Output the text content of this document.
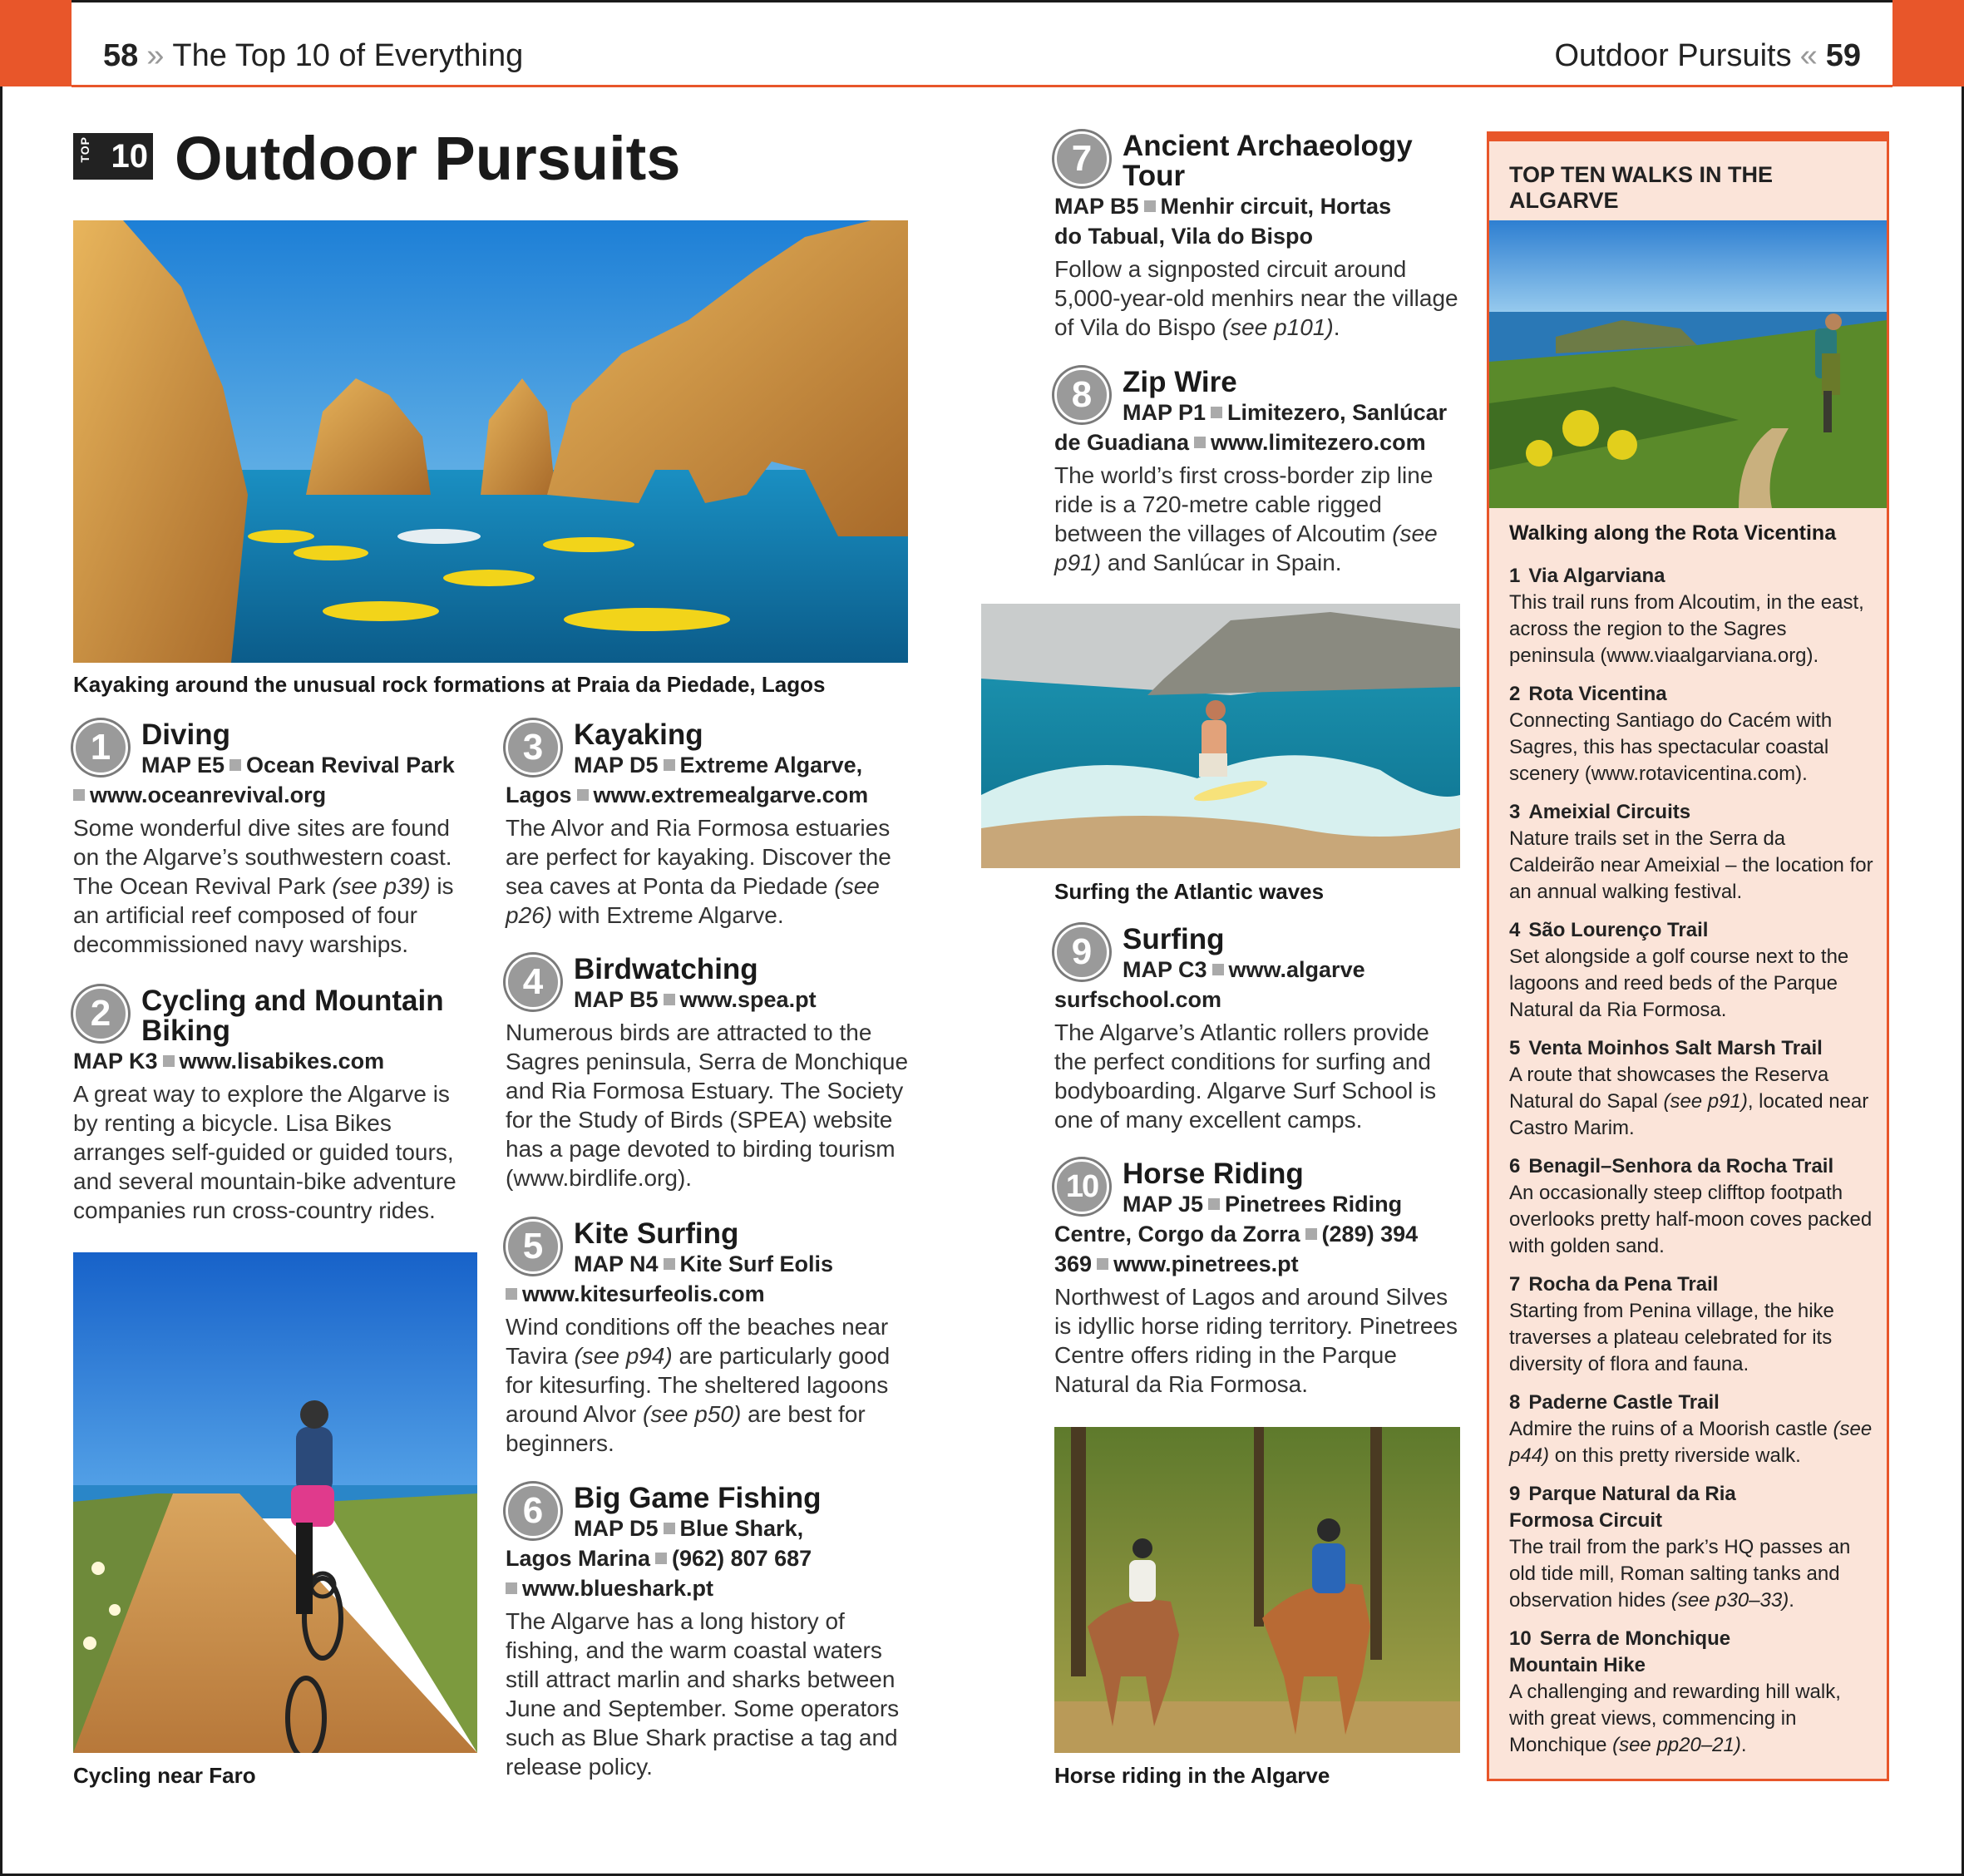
58 » The Top 10 of Everything	Outdoor Pursuits « 59
TOP 10 Outdoor Pursuits
Kayaking around the unusual rock formations at Praia da Piedade, Lagos
1	Diving
MAP E5 Ocean Revival Park
www.oceanrevival.org
Some wonderful dive sites are found on the Algarve’s southwestern coast. The Ocean Revival Park (see p39) is an artificial reef composed of four decommissioned navy warships.
2	Cycling and Mountain
Biking
MAP K3 www.lisabikes.com
A great way to explore the Algarve is by renting a bicycle. Lisa Bikes arranges self-guided or guided tours, and several mountain-bike adventure companies run cross-country rides.
Cycling near Faro
3	Kayaking
MAP D5 Extreme Algarve,
Lagos www.extremealgarve.com
The Alvor and Ria Formosa estuaries are perfect for kayaking. Discover the sea caves at Ponta da Piedade (see p26) with Extreme Algarve.
4	Birdwatching
MAP B5 www.spea.pt
Numerous birds are attracted to the Sagres peninsula, Serra de Monchique and Ria Formosa Estuary. The Society for the Study of Birds (SPEA) website has a page devoted to birding tourism (www.birdlife.org).
5	Kite Surfing
MAP N4 Kite Surf Eolis
www.kitesurfeolis.com
Wind conditions off the beaches near Tavira (see p94) are particularly good for kitesurfing. The sheltered lagoons around Alvor (see p50) are best for beginners.
6	Big Game Fishing
MAP D5 Blue Shark,
Lagos Marina (962) 807 687
www.blueshark.pt
The Algarve has a long history of fishing, and the warm coastal waters still attract marlin and sharks between June and September. Some operators such as Blue Shark practise a tag and release policy.
7	Ancient Archaeology
Tour
MAP B5 Menhir circuit, Hortas
do Tabual, Vila do Bispo
Follow a signposted circuit around 5,000-year-old menhirs near the village of Vila do Bispo (see p101).
8	Zip Wire
MAP P1 Limitezero, Sanlúcar
de Guadiana www.limitezero.com
The world’s first cross-border zip line ride is a 720-metre cable rigged between the villages of Alcoutim (see p91) and Sanlúcar in Spain.
Surfing the Atlantic waves
9	Surfing
MAP C3 www.algarve
surfschool.com
The Algarve’s Atlantic rollers provide the perfect conditions for surfing and bodyboarding. Algarve Surf School is one of many excellent camps.
10 Horse Riding
MAP J5 Pinetrees Riding
Centre, Corgo da Zorra (289) 394
369 www.pinetrees.pt
Northwest of Lagos and around Silves is idyllic horse riding territory. Pinetrees Centre offers riding in the Parque Natural da Ria Formosa.
Horse riding in the Algarve
TOP TEN WALKS IN THE ALGARVE
Walking along the Rota Vicentina
1 Via Algarviana
This trail runs from Alcoutim, in the east, across the region to the Sagres peninsula (www.viaalgarviana.org).
2 Rota Vicentina
Connecting Santiago do Cacém with Sagres, this has spectacular coastal scenery (www.rotavicentina.com).
3 Ameixial Circuits
Nature trails set in the Serra da Caldeirão near Ameixial – the location for an annual walking festival.
4 São Lourenço Trail
Set alongside a golf course next to the lagoons and reed beds of the Parque Natural da Ria Formosa.
5 Venta Moinhos Salt Marsh Trail
A route that showcases the Reserva Natural do Sapal (see p91), located near Castro Marim.
6 Benagil–Senhora da Rocha Trail
An occasionally steep clifftop footpath overlooks pretty half-moon coves packed with golden sand.
7 Rocha da Pena Trail
Starting from Penina village, the hike traverses a plateau celebrated for its diversity of flora and fauna.
8 Paderne Castle Trail
Admire the ruins of a Moorish castle (see p44) on this pretty riverside walk.
9 Parque Natural da Ria
Formosa Circuit
The trail from the park’s HQ passes an old tide mill, Roman salting tanks and observation hides (see p30–33).
10 Serra de Monchique
Mountain Hike
A challenging and rewarding hill walk, with great views, commencing in Monchique (see pp20–21).
